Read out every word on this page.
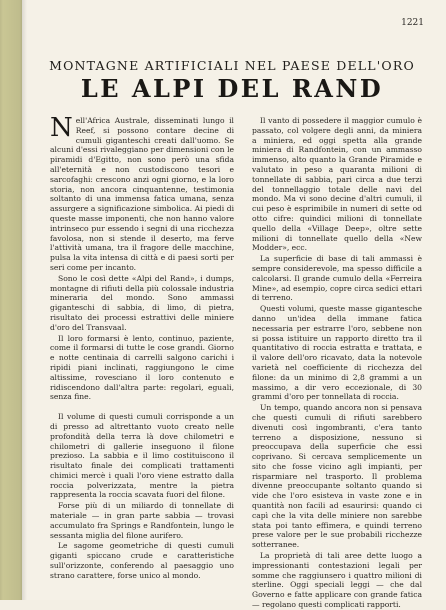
1221
MONTAGNE ARTIFICIALI NEL PAESE DELL'ORO
LE ALPI DEL RAND

Nell'Africa Australe, disseminati lungo il Reef, si possono contare decine di cumuli giganteschi creati dall'uomo. Se alcuni d'essi rivaleggiano per dimensioni con le piramidi d'Egitto, non sono però una sfida all'eternità e non custodiscono tesori e sarcofaghi: crescono anzi ogni giorno, e la loro storia, non ancora cinquantenne, testimonia soltanto di una immensa fatica umana, senza assurgere a significazione simbolica. Ai piedi di queste masse imponenti, che non hanno valore intrinseco pur essendo i segni di una ricchezza favolosa, non si stende il deserto, ma ferve l'attività umana, tra il fragore delle macchine, pulsa la vita intensa di città e di paesi sorti per seri come per incanto.

Sono le così dette «Alpi del Rand», i dumps, montagne di rifiuti della più colossale industria mineraria del mondo. Sono ammassi giganteschi di sabbia, di limo, di pietra, risultato dei processi estrattivi delle miniere d'oro del Transvaal.

Il loro formarsi è lento, continuo, paziente, come il formarsi di tutte le cose grandi. Giorno e notte centinaia di carrelli salgono carichi i ripidi piani inclinati, raggiungono le cime altissime, rovesciano il loro contenuto e ridiscendono dall'altra parte: regolari, eguali, senza fine.

Il volume di questi cumuli corrisponde a un di presso ad altrettanto vuoto creato nelle profondità della terra là dove chilometri e chilometri di gallerie inseguono il filone prezioso. La sabbia e il limo costituiscono il risultato finale dei complicati trattamenti chimici mercè i quali l'oro viene estratto dalla roccia polverizzata, mentre la pietra rappresenta la roccia scavata fuori del filone.

Forse più di un miliardo di tonnellate di materiale — in gran parte sabbia — trovasi accumulato fra Springs e Randfontein, lungo le sessanta miglia del filone aurifero.

Le sagome geometriche di questi cumuli giganti spiccano crude e caratteristiche sull'orizzonte, conferendo al paesaggio uno strano carattere, forse unico al mondo.

Il vanto di possedere il maggior cumulo è passato, col volgere degli anni, da miniera a miniera, ed oggi spetta alla grande miniera di Randfontein, con un ammasso immenso, alto quanto la Grande Piramide e valutato in peso a quaranta milioni di tonnellate di sabbia, pari circa a due terzi del tonnellaggio totale delle navi del mondo. Ma vi sono decine d'altri cumuli, il cui peso è esprimibile in numeri di sette od otto cifre: quindici milioni di tonnellate quello della «Village Deep», oltre sette milioni di tonnellate quello della «New Modder», ecc.

La superficie di base di tali ammassi è sempre considerevole, ma spesso difficile a calcolarsi. Il grande cumulo della «Ferreira Mine», ad esempio, copre circa sedici ettari di terreno.

Questi volumi, queste masse gigantesche danno un'idea della immane fatica necessaria per estrarre l'oro, sebbene non si possa istituire un rapporto diretto tra il quantitativo di roccia estratta e trattata, e il valore dell'oro ricavato, data la notevole varietà nel coefficiente di ricchezza del filone: da un minimo di 2,8 grammi a un massimo, a dir vero eccezionale, di 30 grammi d'oro per tonnellata di roccia.

Un tempo, quando ancora non si pensava che questi cumuli di rifiuti sarebbero divenuti così ingombranti, c'era tanto terreno a disposizione, nessuno si preoccupava della superficie che essi coprivano. Si cercava semplicemente un sito che fosse vicino agli impianti, per risparmiare nel trasporto. Il problema divenne preoccupante soltanto quando si vide che l'oro esisteva in vaste zone e in quantità non facili ad esaurirsi: quando ci capì che la vita delle miniere non sarebbe stata poi tanto effimera, e quindi terreno prese valore per le sue probabili ricchezze sotterranee.

La proprietà di tali aree dette luogo a impressionanti contestazioni legali per somme che raggiunsero i quattro milioni di sterline. Oggi speciali leggi — che dal Governo e fatte applicare con grande fatica — regolano questi complicati rapporti.
